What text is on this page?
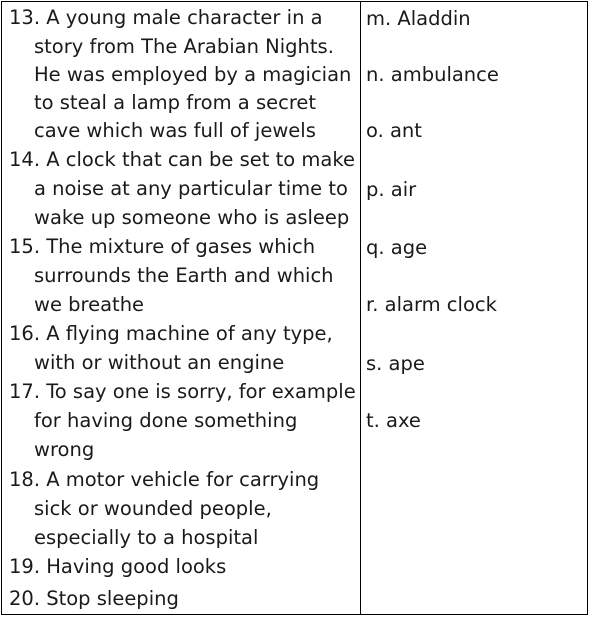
13. A young male character in a
story from The Arabian Nights.
He was employed by a magician
to steal a lamp from a secret
cave which was full of jewels
14. A clock that can be set to make
a noise at any particular time to
wake up someone who is asleep
15. The mixture of gases which
surrounds the Earth and which
we breathe
16. A flying machine of any type,
with or without an engine
17. To say one is sorry, for example
for having done something
wrong
18. A motor vehicle for carrying
sick or wounded people,
especially to a hospital
19. Having good looks
20. Stop sleeping
m. Aladdin
n. ambulance
o. ant
p. air
q. age
r. alarm clock
s. ape
t. axe
